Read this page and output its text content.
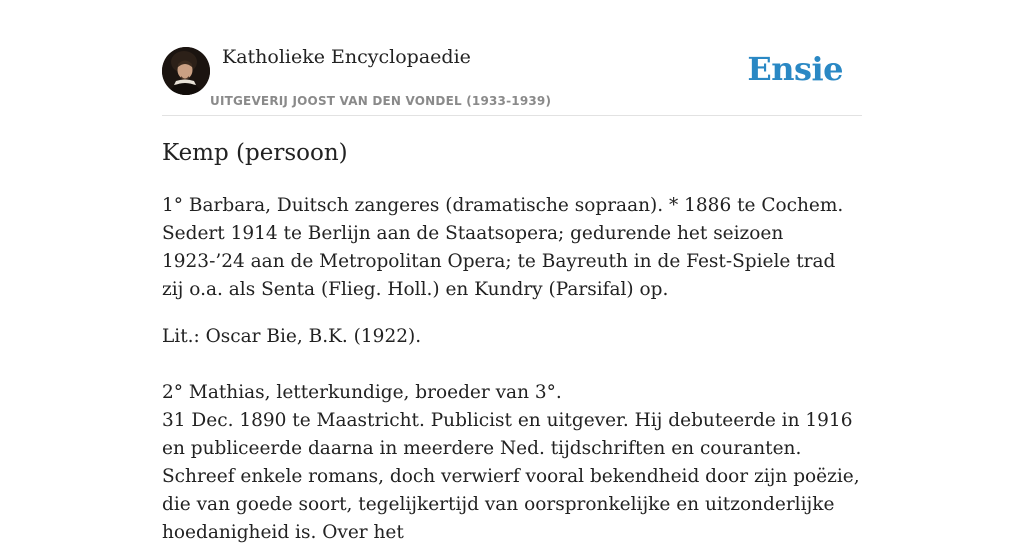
Katholieke Encyclopaedie
UITGEVERIJ JOOST VAN DEN VONDEL (1933-1939)
Ensie
Kemp (persoon)

1° Barbara, Duitsch zangeres (dramatische sopraan). * 1886 te Cochem. Sedert 1914 te Berlijn aan de Staatsopera; gedurende het seizoen 1923-’24 aan de Metropolitan Opera; te Bayreuth in de Fest-Spiele trad zij o.a. als Senta (Flieg. Holl.) en Kundry (Parsifal) op.

Lit.: Oscar Bie, B.K. (1922).

2° Mathias, letterkundige, broeder van 3°.

31 Dec. 1890 te Maastricht. Publicist en uitgever. Hij debuteerde in 1916 en publiceerde daarna in meerdere Ned. tijdschriften en couranten. Schreef enkele romans, doch verwierf vooral bekendheid door zijn poëzie, die van goede soort, tegelijkertijd van oorspronkelijke en uitzonderlijke hoedanigheid is. Over het
